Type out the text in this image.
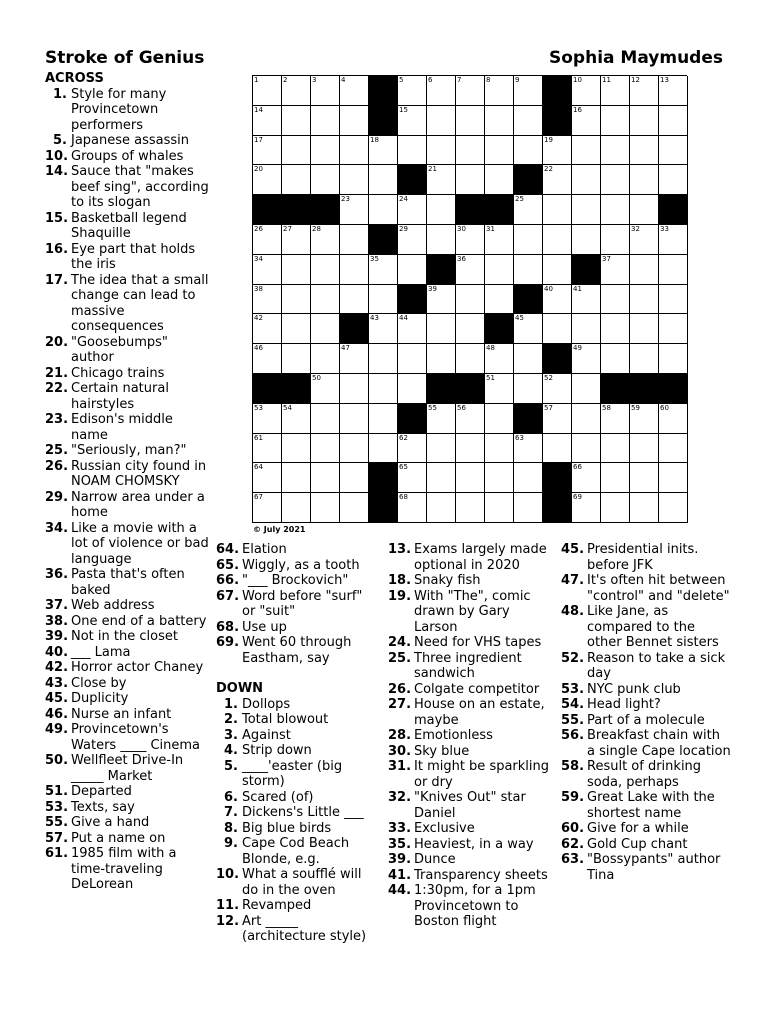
Stroke of Genius	Sophia Maymudes
1	2	3	4	5	6	7	8	9	10	11	12	13
14	15	16
17	18	19
20	21	22
23	24	25
26	27	28	29	30	31	32	33
34	35	36	37
38	39	40	41
42	43	44	45
46	47	48	49
50	51	52
53	54	55	56	57	58	59	60
61	62	63
64	65	66
67	68	69
© July 2021

ACROSS

1. Style for many Provincetown performers
5. Japanese assassin
10. Groups of whales
14. Sauce that "makes beef sing", according to its slogan
15. Basketball legend Shaquille
16. Eye part that holds the iris
17. The idea that a small change can lead to massive consequences
20. "Goosebumps" author
21. Chicago trains
22. Certain natural hairstyles
23. Edison's middle name
25. "Seriously, man?"
26. Russian city found in NOAM CHOMSKY
29. Narrow area under a home
34. Like a movie with a lot of violence or bad language
36. Pasta that's often baked
37. Web address
38. One end of a battery
39. Not in the closet
40. ___ Lama
42. Horror actor Chaney
43. Close by
45. Duplicity
46. Nurse an infant
49. Provincetown's Waters ____ Cinema
50. Wellfleet Drive-In _____ Market
51. Departed
53. Texts, say
55. Give a hand
57. Put a name on
61. 1985 film with a time-traveling DeLorean
64. Elation
65. Wiggly, as a tooth
66. "___ Brockovich"
67. Word before "surf" or "suit"
68. Use up
69. Went 60 through Eastham, say

DOWN

1. Dollops
2. Total blowout
3. Against
4. Strip down
5. ____'easter (big storm)
6. Scared (of)
7. Dickens's Little ___
8. Big blue birds
9. Cape Cod Beach Blonde, e.g.
10. What a soufflé will do in the oven
11. Revamped
12. Art _____ (architecture style)
13. Exams largely made optional in 2020
18. Snaky fish
19. With "The", comic drawn by Gary Larson
24. Need for VHS tapes
25. Three ingredient sandwich
26. Colgate competitor
27. House on an estate, maybe
28. Emotionless
30. Sky blue
31. It might be sparkling or dry
32. "Knives Out" star Daniel
33. Exclusive
35. Heaviest, in a way
39. Dunce
41. Transparency sheets
44. 1:30pm, for a 1pm Provincetown to Boston flight
45. Presidential inits. before JFK
47. It's often hit between "control" and "delete"
48. Like Jane, as compared to the other Bennet sisters
52. Reason to take a sick day
53. NYC punk club
54. Head light?
55. Part of a molecule
56. Breakfast chain with a single Cape location
58. Result of drinking soda, perhaps
59. Great Lake with the shortest name
60. Give for a while
62. Gold Cup chant
63. "Bossypants" author Tina
